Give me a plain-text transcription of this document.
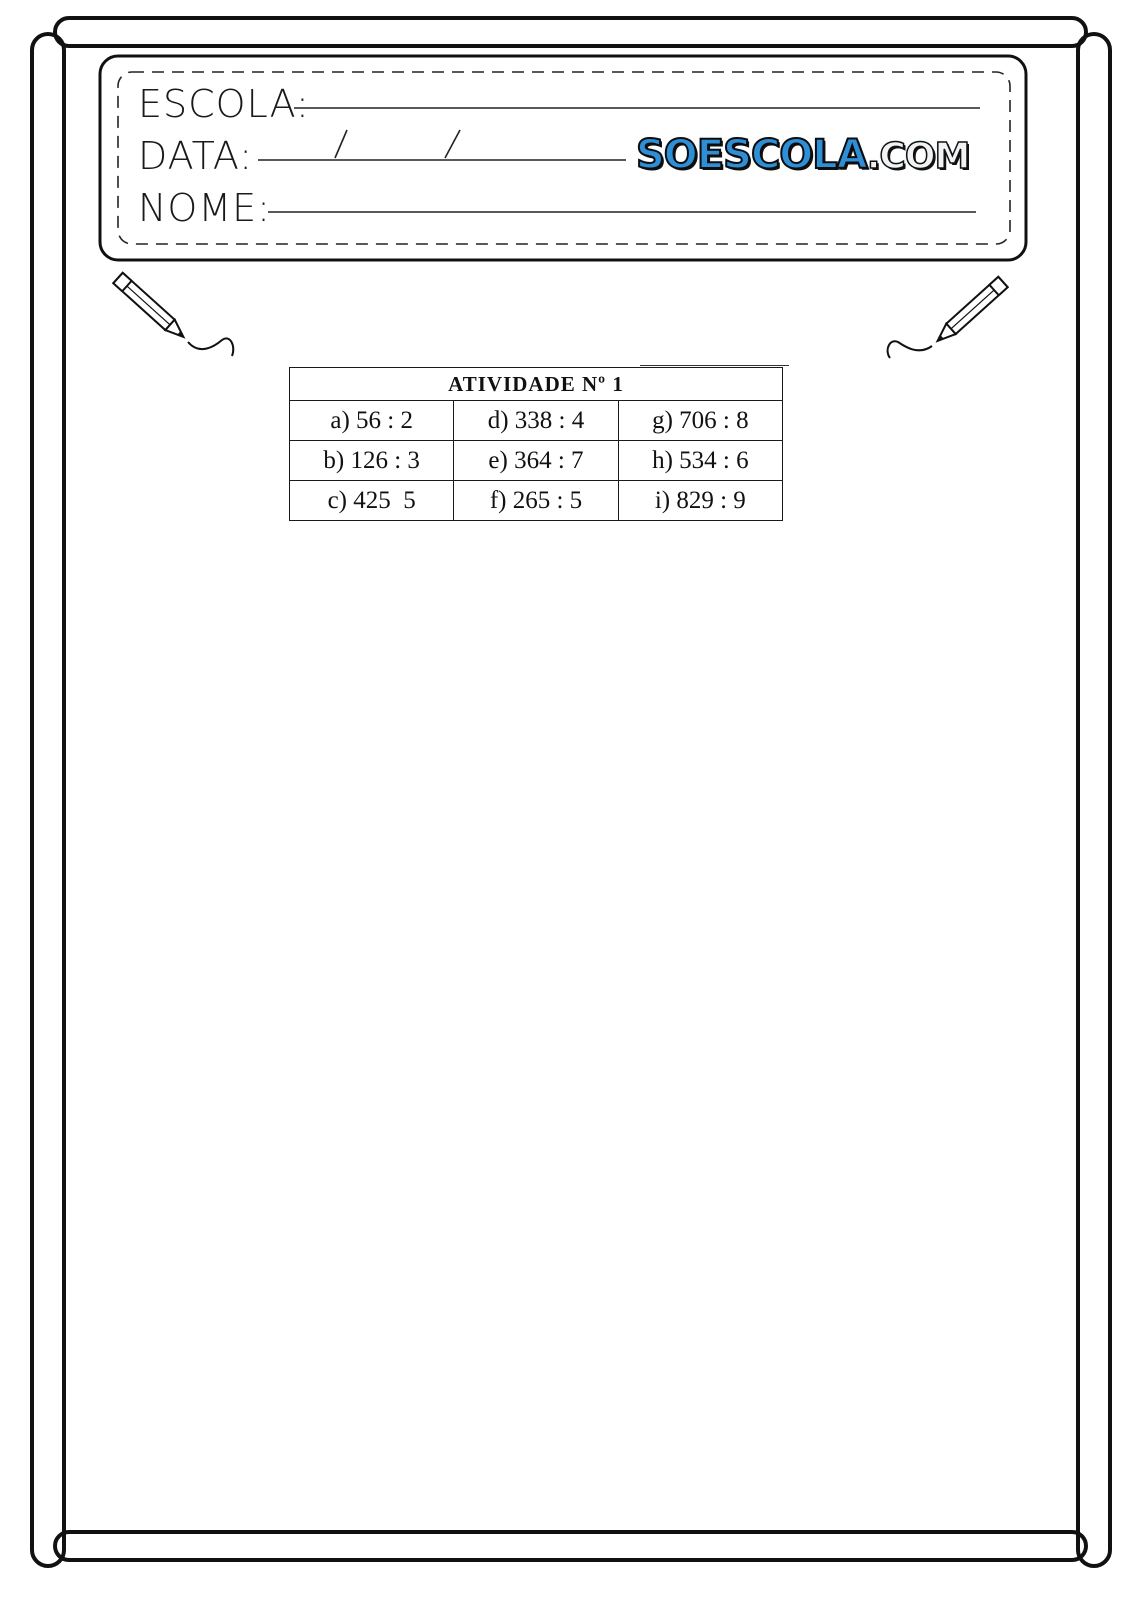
ESCOLA:
DATA:
NOME:
SOESCOLA.COM
ATIVIDADE Nº 1		
a) 56 : 2	d) 338 : 4	g) 706 : 8
b) 126 : 3	e) 364 : 7	h) 534 : 6
c) 425  5	f) 265 : 5	i) 829 : 9
